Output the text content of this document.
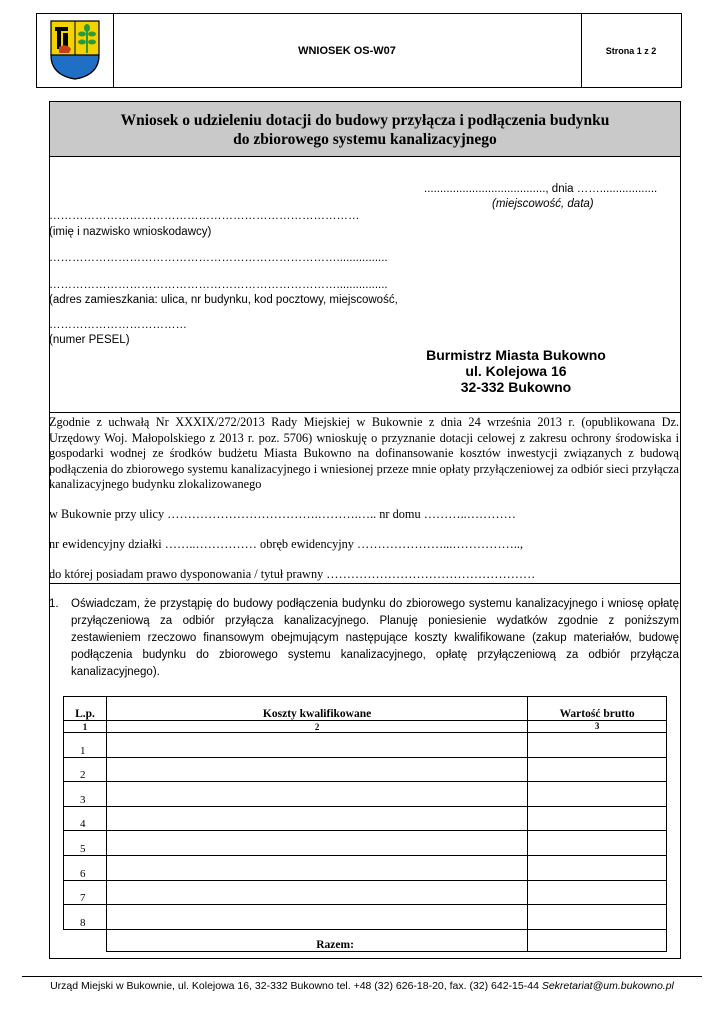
WNIOSEK OS-W07	Strona 1 z 2
Wniosek o udzieleniu dotacji do budowy przyłącza i podłączenia budynku
do zbiorowego systemu kanalizacyjnego
......................................, dnia ……..................
(miejscowość, data)
………………………………………………………………………
(imię i nazwisko wnioskodawcy)
…………………………………………………………………................
…………………………………………………………………................
(adres zamieszkania: ulica, nr budynku, kod pocztowy, miejscowość,
………………………………
(numer PESEL)
Burmistrz Miasta Bukowno
ul. Kolejowa 16
32-332 Bukowno
Zgodnie z uchwałą Nr XXXIX/272/2013 Rady Miejskiej w Bukownie z dnia 24 września 2013 r. (opublikowana Dz. Urzędowy Woj. Małopolskiego z 2013 r. poz. 5706) wnioskuję o przyznanie dotacji celowej z zakresu ochrony środowiska i gospodarki wodnej ze środków budżetu Miasta Bukowno na dofinansowanie kosztów inwestycji związanych z budową podłączenia do zbiorowego systemu kanalizacyjnego i wniesionej przeze mnie opłaty przyłączeniowej za odbiór sieci przyłącza kanalizacyjnego budynku zlokalizowanego
w Bukownie przy ulicy ……………………………….……….….. nr domu ………..…………
nr ewidencyjny działki ……..…………… obręb ewidencyjny …………………...……………..,
do której posiadam prawo dysponowania / tytuł prawny ……………………………………………
1. Oświadczam, że przystąpię do budowy podłączenia budynku do zbiorowego systemu kanalizacyjnego i wniosę opłatę przyłączeniową za odbiór przyłącza kanalizacyjnego. Planuję poniesienie wydatków zgodnie z poniższym zestawieniem rzeczowo finansowym obejmującym następujące koszty kwalifikowane (zakup materiałów, budowę podłączenia budynku do zbiorowego systemu kanalizacyjnego, opłatę przyłączeniową za odbiór przyłącza kanalizacyjnego).
L.p.	Koszty kwalifikowane	Wartość brutto
1	2	3
1		
2		
3		
4		
5		
6		
7		
8		
	Razem:	
Urząd Miejski w Bukownie, ul. Kolejowa 16, 32-332 Bukowno tel. +48 (32) 626-18-20, fax. (32) 642-15-44 Sekretariat@um.bukowno.pl
